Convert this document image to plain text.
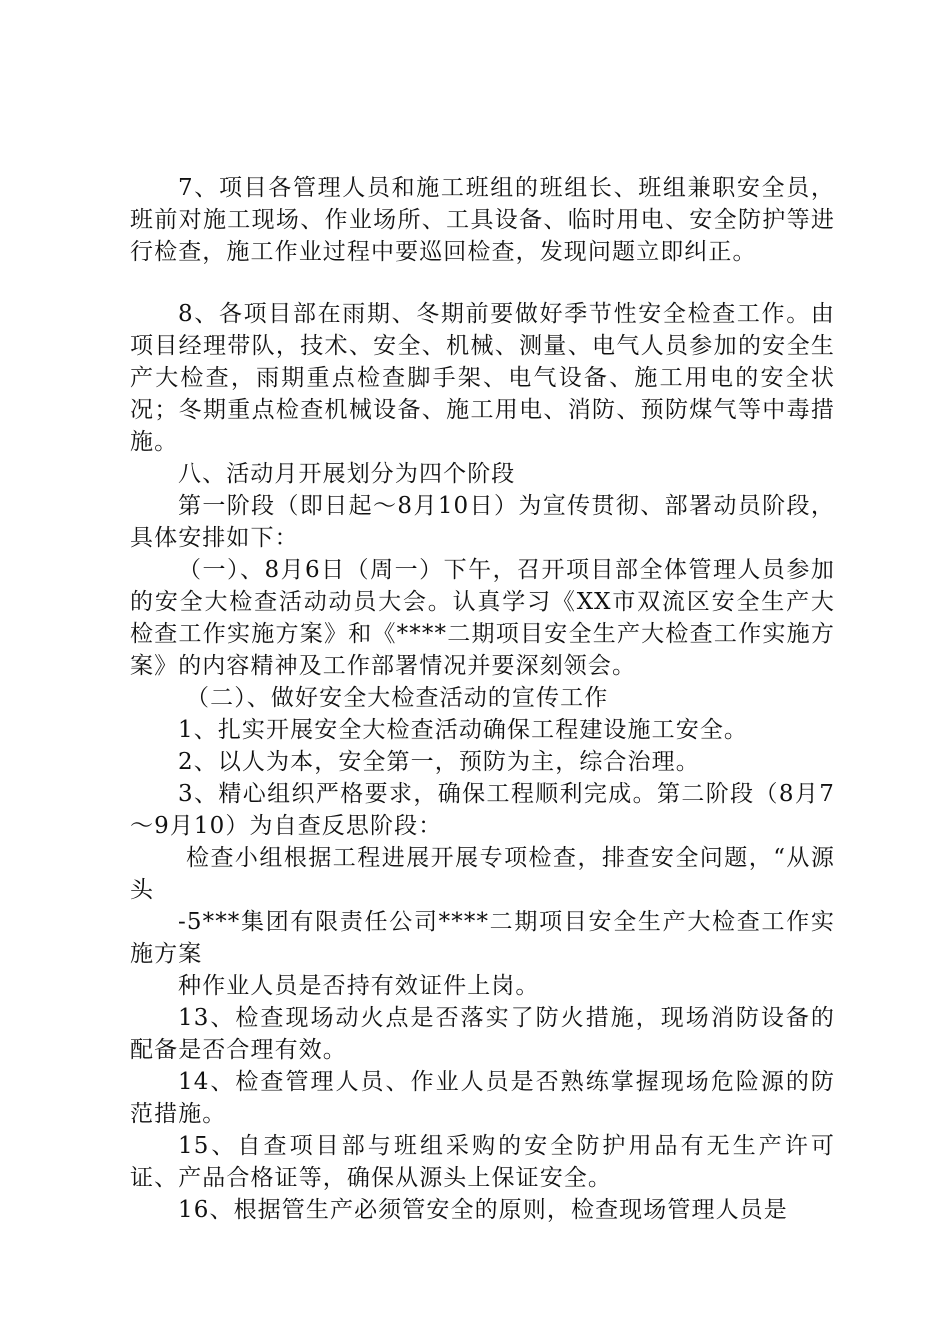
7、项目各管理人员和施工班组的班组长、班组兼职安全员，班前对施工现场、作业场所、工具设备、临时用电、安全防护等进行检查，施工作业过程中要巡回检查，发现问题立即纠正。

8、各项目部在雨期、冬期前要做好季节性安全检查工作。由项目经理带队，技术、安全、机械、测量、电气人员参加的安全生产大检查，雨期重点检查脚手架、电气设备、施工用电的安全状况；冬期重点检查机械设备、施工用电、消防、预防煤气等中毒措施。

八、活动月开展划分为四个阶段

第一阶段（即日起～8月10日）为宣传贯彻、部署动员阶段，具体安排如下：

（一）、8月6日（周一）下午，召开项目部全体管理人员参加的安全大检查活动动员大会。认真学习《XX市双流区安全生产大检查工作实施方案》和《****二期项目安全生产大检查工作实施方案》的内容精神及工作部署情况并要深刻领会。

（二）、做好安全大检查活动的宣传工作

1、扎实开展安全大检查活动确保工程建设施工安全。

2、以人为本，安全第一，预防为主，综合治理。

3、精心组织严格要求，确保工程顺利完成。第二阶段（8月7～9月10）为自查反思阶段：

检查小组根据工程进展开展专项检查，排查安全问题，“从源头

-5***集团有限责任公司****二期项目安全生产大检查工作实施方案

种作业人员是否持有效证件上岗。

13、检查现场动火点是否落实了防火措施，现场消防设备的配备是否合理有效。

14、检查管理人员、作业人员是否熟练掌握现场危险源的防范措施。

15、自查项目部与班组采购的安全防护用品有无生产许可证、产品合格证等，确保从源头上保证安全。

16、根据管生产必须管安全的原则，检查现场管理人员是
